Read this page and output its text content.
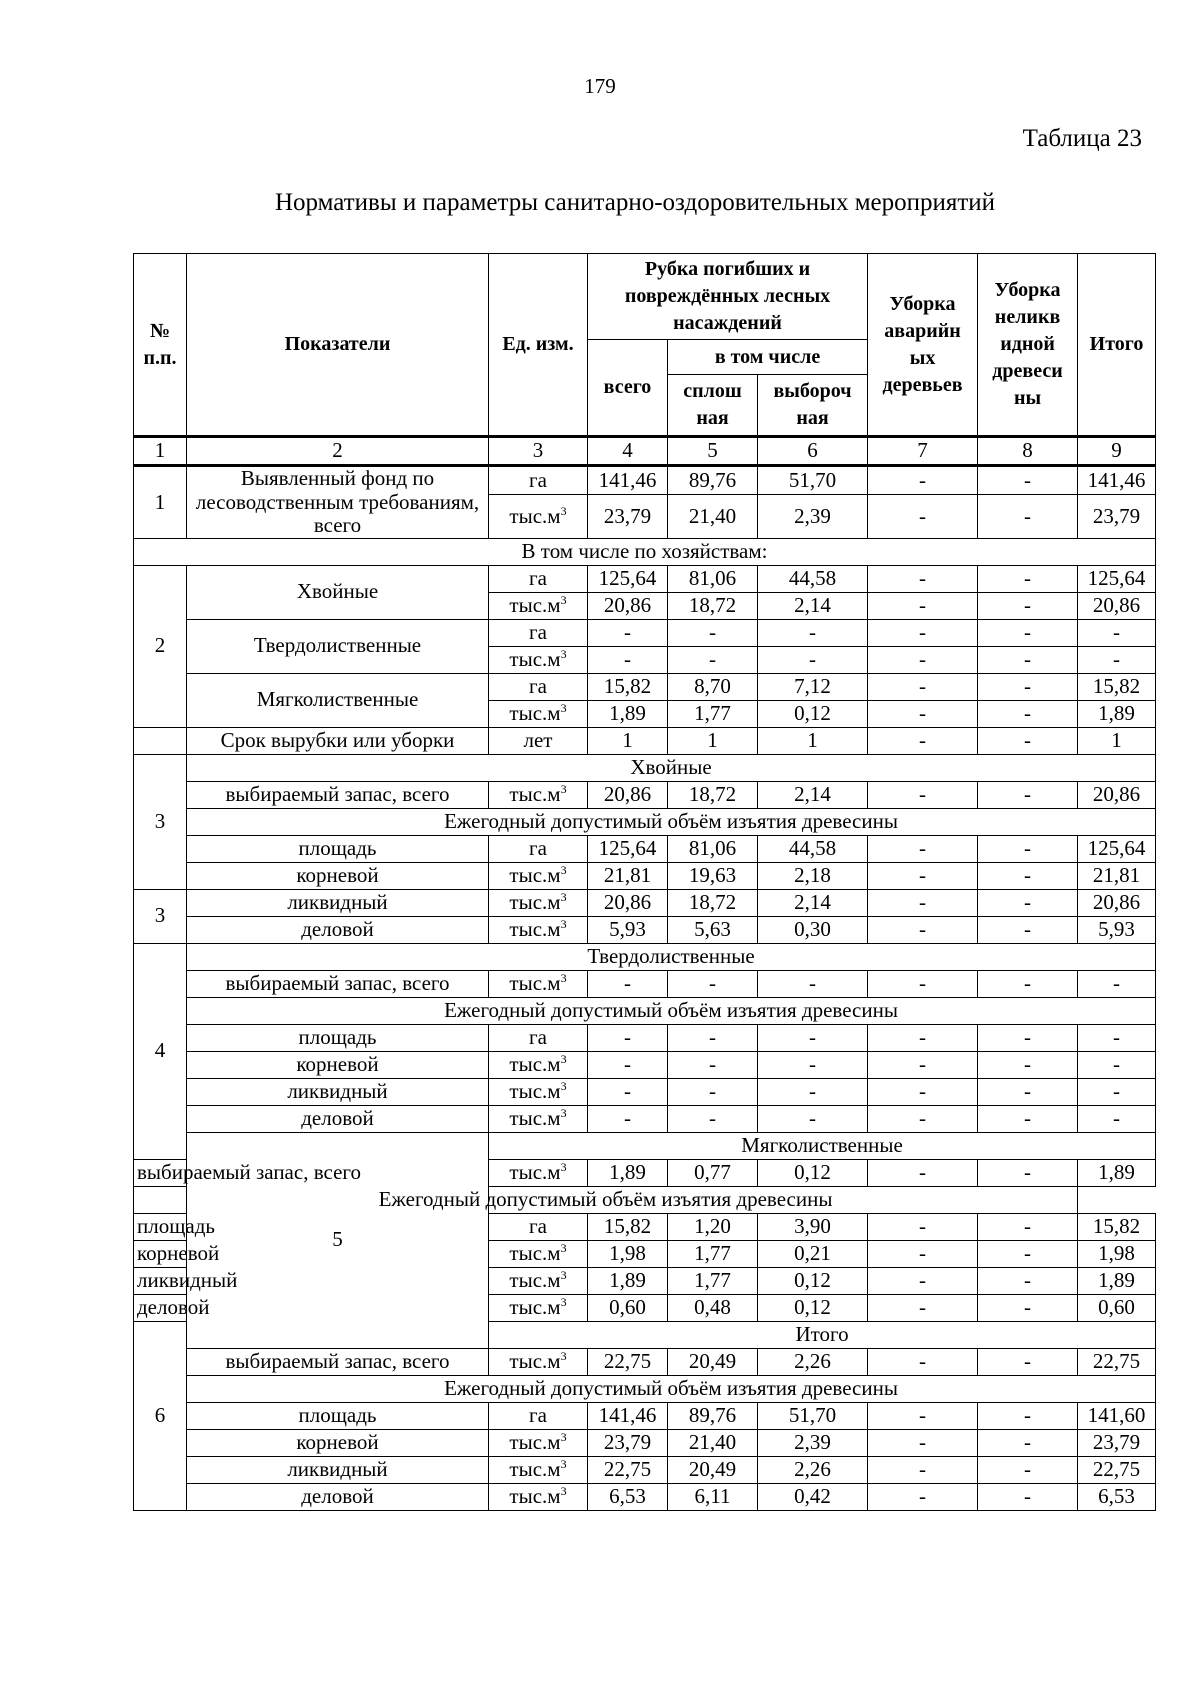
179
Таблица 23
Нормативы и параметры санитарно-оздоровительных мероприятий
№ п.п.	Показатели	Ед. изм.	Рубка погибших и повреждённых лесных насаждений			Уборка аварийн ых деревьев	Уборка неликв идной древеси ны	Итого
			всего	в том числе				
				сплош ная	выбороч ная			
1	2	3	4	5	6	7	8	9
1	Выявленный фонд по лесоводственным требованиям, всего	га	141,46	89,76	51,70	-	-	141,46
		$тыс.м^3$	23,79	21,40	2,39	-	-	23,79
В том числе по хозяйствам:								
2	Хвойные	га	125,64	81,06	44,58	-	-	125,64
		$тыс.м^3$	20,86	18,72	2,14	-	-	20,86
	Твердолиственные	га	-	-	-	-	-	-
		$тыс.м^3$	-	-	-	-	-	-
	Мягколиственные	га	15,82	8,70	7,12	-	-	15,82
		$тыс.м^3$	1,89	1,77	0,12	-	-	1,89
	Срок вырубки или уборки	лет	1	1	1	-	-	1
3	Хвойные							
	выбираемый запас, всего	$тыс.м^3$	20,86	18,72	2,14	-	-	20,86
	Ежегодный допустимый объём изъятия древесины							
	площадь	га	125,64	81,06	44,58	-	-	125,64
	корневой	$тыс.м^3$	21,81	19,63	2,18	-	-	21,81
3	ликвидный	$тыс.м^3$	20,86	18,72	2,14	-	-	20,86
	деловой	$тыс.м^3$	5,93	5,63	0,30	-	-	5,93
4	Твердолиственные							
	выбираемый запас, всего	$тыс.м^3$	-	-	-	-	-	-
	Ежегодный допустимый объём изъятия древесины							
	площадь	га	-	-	-	-	-	-
	корневой	$тыс.м^3$	-	-	-	-	-	-
	ликвидный	$тыс.м^3$	-	-	-	-	-	-
	деловой	$тыс.м^3$	-	-	-	-	-	-
	5	Мягколиственные						
выбираемый запас, всего		$тыс.м^3$	1,89	0,77	0,12	-	-	1,89
Ежегодный допустимый объём изъятия древесины								
площадь		га	15,82	1,20	3,90	-	-	15,82
корневой		$тыс.м^3$	1,98	1,77	0,21	-	-	1,98
ликвидный		$тыс.м^3$	1,89	1,77	0,12	-	-	1,89
деловой		$тыс.м^3$	0,60	0,48	0,12	-	-	0,60
6		Итого						
	выбираемый запас, всего	$тыс.м^3$	22,75	20,49	2,26	-	-	22,75
	Ежегодный допустимый объём изъятия древесины							
	площадь	га	141,46	89,76	51,70	-	-	141,60
	корневой	$тыс.м^3$	23,79	21,40	2,39	-	-	23,79
	ликвидный	$тыс.м^3$	22,75	20,49	2,26	-	-	22,75
	деловой	$тыс.м^3$	6,53	6,11	0,42	-	-	6,53
